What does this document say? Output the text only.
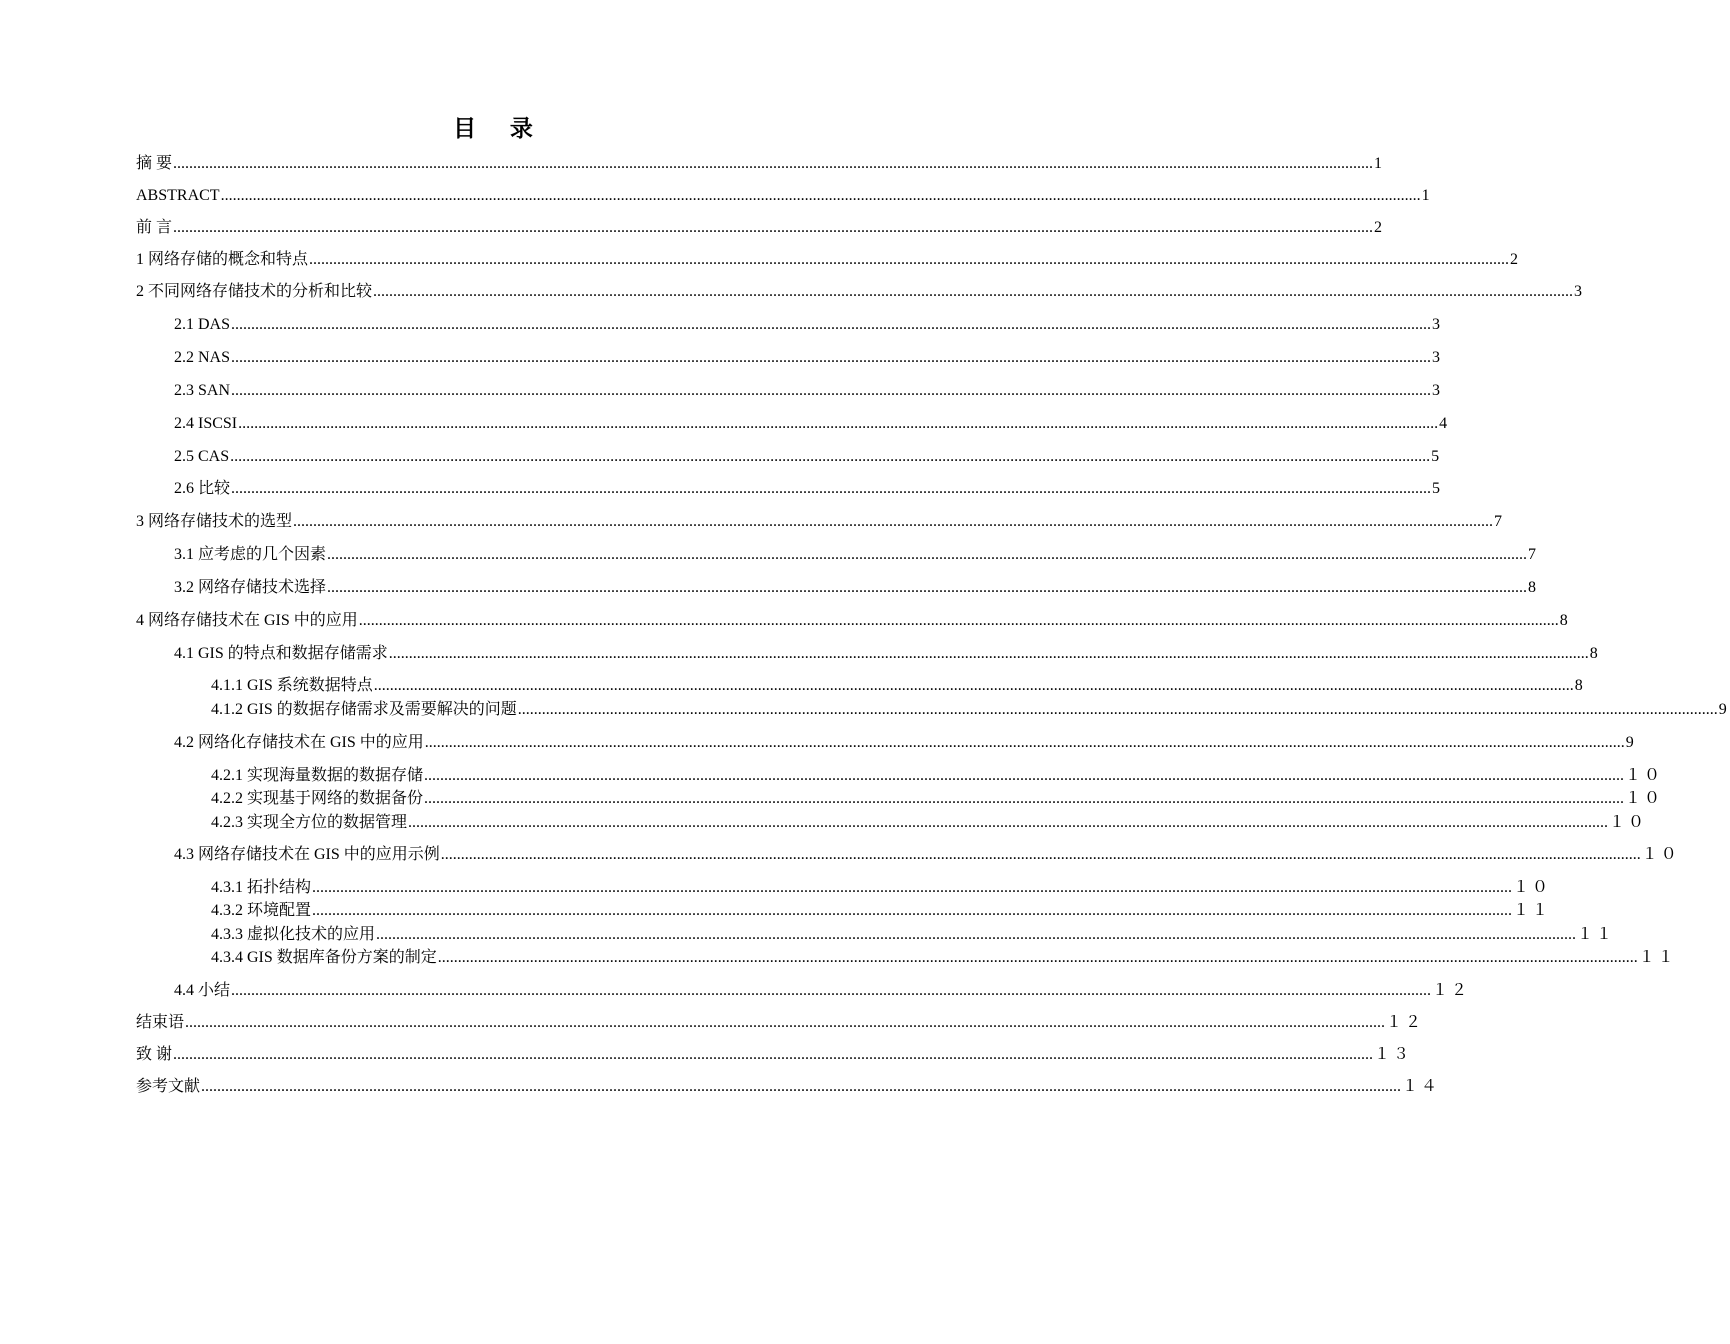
目 录
摘 要 ............................................................................................................................................................................................................................................................................................................ 1
ABSTRACT ............................................................................................................................................................................................................................................................................................................ 1
前 言 ............................................................................................................................................................................................................................................................................................................ 2
1 网络存储的概念和特点 ............................................................................................................................................................................................................................................................................................................ 2
2 不同网络存储技术的分析和比较 ............................................................................................................................................................................................................................................................................................................ 3
2.1 DAS ............................................................................................................................................................................................................................................................................................................ 3
2.2 NAS ............................................................................................................................................................................................................................................................................................................ 3
2.3 SAN ............................................................................................................................................................................................................................................................................................................ 3
2.4 ISCSI ............................................................................................................................................................................................................................................................................................................ 4
2.5 CAS ............................................................................................................................................................................................................................................................................................................ 5
2.6 比较 ............................................................................................................................................................................................................................................................................................................ 5
3 网络存储技术的选型 ............................................................................................................................................................................................................................................................................................................ 7
3.1 应考虑的几个因素 ............................................................................................................................................................................................................................................................................................................ 7
3.2 网络存储技术选择 ............................................................................................................................................................................................................................................................................................................ 8
4 网络存储技术在 GIS 中的应用 ............................................................................................................................................................................................................................................................................................................ 8
4.1 GIS 的特点和数据存储需求 ............................................................................................................................................................................................................................................................................................................ 8
4.1.1 GIS 系统数据特点 ............................................................................................................................................................................................................................................................................................................ 8
4.1.2 GIS 的数据存储需求及需要解决的问题 ............................................................................................................................................................................................................................................................................................................ 9
4.2 网络化存储技术在 GIS 中的应用 ............................................................................................................................................................................................................................................................................................................ 9
4.2.1 实现海量数据的数据存储 ............................................................................................................................................................................................................................................................................................................ １０
4.2.2 实现基于网络的数据备份 ............................................................................................................................................................................................................................................................................................................ １０
4.2.3 实现全方位的数据管理 ............................................................................................................................................................................................................................................................................................................ １０
4.3 网络存储技术在 GIS 中的应用示例 ............................................................................................................................................................................................................................................................................................................ １０
4.3.1 拓扑结构 ............................................................................................................................................................................................................................................................................................................ １０
4.3.2 环境配置 ............................................................................................................................................................................................................................................................................................................ １１
4.3.3 虚拟化技术的应用 ............................................................................................................................................................................................................................................................................................................ １１
4.3.4 GIS 数据库备份方案的制定 ............................................................................................................................................................................................................................................................................................................ １１
4.4 小结 ............................................................................................................................................................................................................................................................................................................ １２
结束语 ............................................................................................................................................................................................................................................................................................................ １２
致 谢 ............................................................................................................................................................................................................................................................................................................ １３
参考文献 ............................................................................................................................................................................................................................................................................................................ １４
